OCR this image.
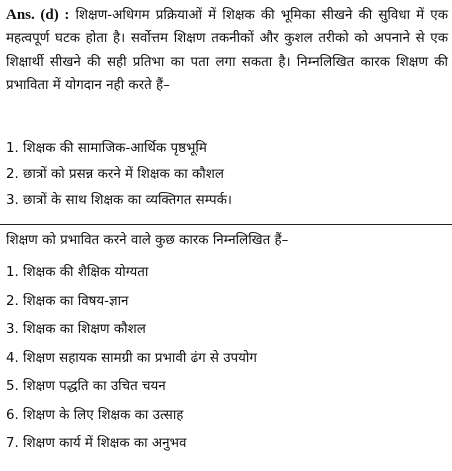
Ans. (d) : शिक्षण-अधिगम प्रक्रियाओं में शिक्षक की भूमिका सीखने की सुविधा में एक महत्वपूर्ण घटक होता है। सर्वोत्तम शिक्षण तकनीकों और कुशल तरीको को अपनाने से एक शिक्षार्थी सीखने की सही प्रतिभा का पता लगा सकता है। निम्नलिखित कारक शिक्षण की प्रभाविता में योगदान नही करते हैं–

1. शिक्षक की सामाजिक-आर्थिक पृष्ठभूमि
2. छात्रों को प्रसन्न करने में शिक्षक का कौशल
3. छात्रों के साथ शिक्षक का व्यक्तिगत सम्पर्क।

शिक्षण को प्रभावित करने वाले कुछ कारक निम्नलिखित हैं–

1. शिक्षक की शैक्षिक योग्यता
2. शिक्षक का विषय-ज्ञान
3. शिक्षक का शिक्षण कौशल
4. शिक्षण सहायक सामग्री का प्रभावी ढंग से उपयोग
5. शिक्षण पद्धति का उचित चयन
6. शिक्षण के लिए शिक्षक का उत्साह
7. शिक्षण कार्य में शिक्षक का अनुभव
